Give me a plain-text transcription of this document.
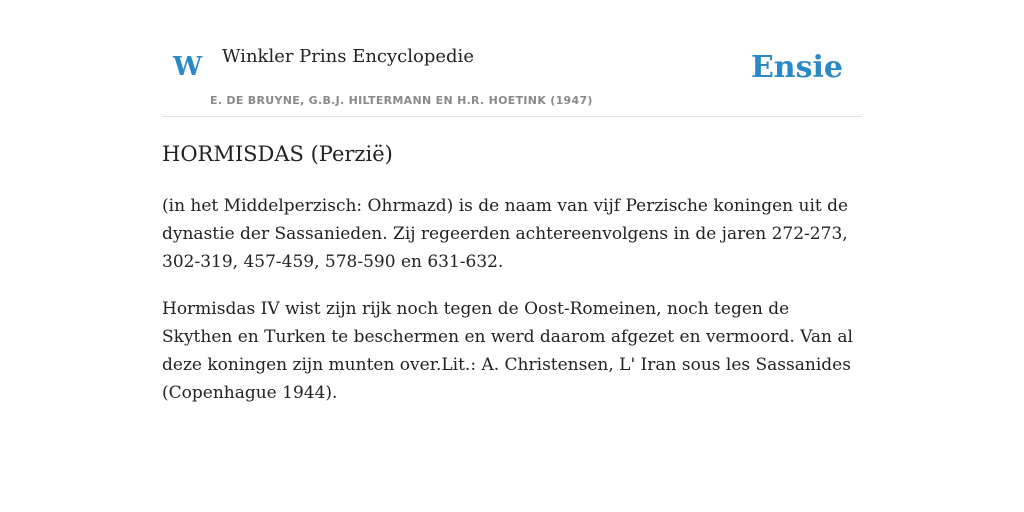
W Winkler Prins Encyclopedie
E. DE BRUYNE, G.B.J. HILTERMANN EN H.R. HOETINK (1947)
Ensie
HORMISDAS (Perzië)

(in het Middelperzisch: Ohrmazd) is de naam van vijf Perzische koningen uit de dynastie der Sassanieden. Zij regeerden achtereenvolgens in de jaren 272-273, 302-319, 457-459, 578-590 en 631-632.

Hormisdas IV wist zijn rijk noch tegen de Oost-Romeinen, noch tegen de Skythen en Turken te beschermen en werd daarom afgezet en vermoord. Van al deze koningen zijn munten over.Lit.: A. Christensen, L' Iran sous les Sassanides (Copenhague 1944).
